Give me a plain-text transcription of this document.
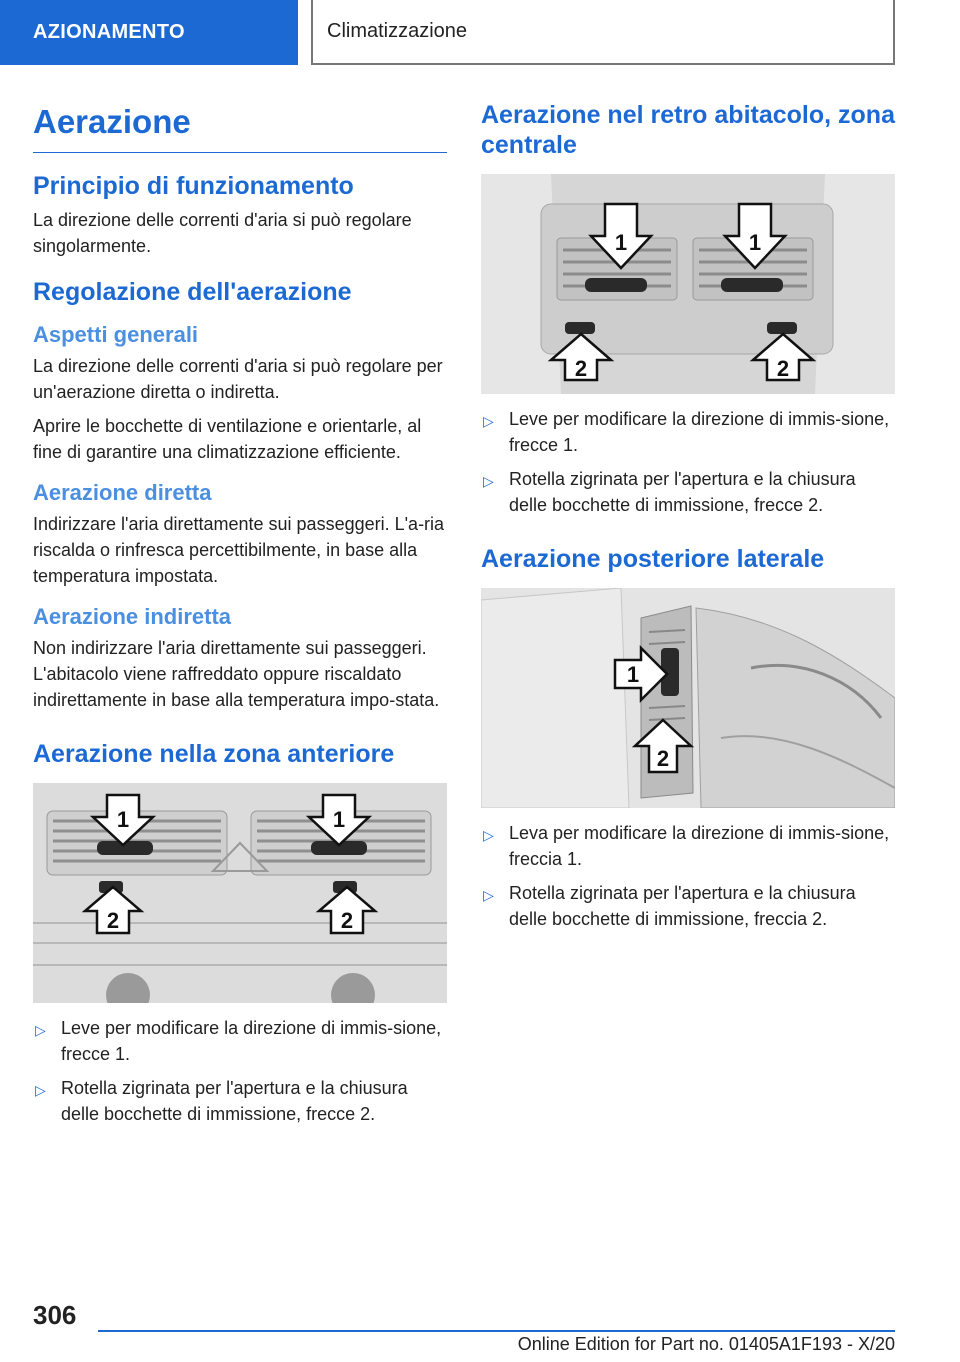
AZIONAMENTO	Climatizzazione
Aerazione
Principio di funzionamento

La direzione delle correnti d'aria si può regolare singolarmente.

Regolazione dell'aerazione
Aspetti generali

La direzione delle correnti d'aria si può regolare per un'aerazione diretta o indiretta.

Aprire le bocchette di ventilazione e orientarle, al fine di garantire una climatizzazione efficiente.

Aerazione diretta

Indirizzare l'aria direttamente sui passeggeri. L'a-ria riscalda o rinfresca percettibilmente, in base alla temperatura impostata.

Aerazione indiretta

Non indirizzare l'aria direttamente sui passeggeri. L'abitacolo viene raffreddato oppure riscaldato indirettamente in base alla temperatura impo-stata.

Aerazione nella zona anteriore
1	1
2	2
▷ Leve per modificare la direzione di immis-sione, frecce 1.
▷ Rotella zigrinata per l'apertura e la chiusura delle bocchette di immissione, frecce 2.
Aerazione nel retro abitacolo, zona centrale
1	1
2	2
▷ Leve per modificare la direzione di immis-sione, frecce 1.
▷ Rotella zigrinata per l'apertura e la chiusura delle bocchette di immissione, frecce 2.
Aerazione posteriore laterale
1
2
▷ Leva per modificare la direzione di immis-sione, freccia 1.
▷ Rotella zigrinata per l'apertura e la chiusura delle bocchette di immissione, freccia 2.
306
Online Edition for Part no. 01405A1F193 - X/20
